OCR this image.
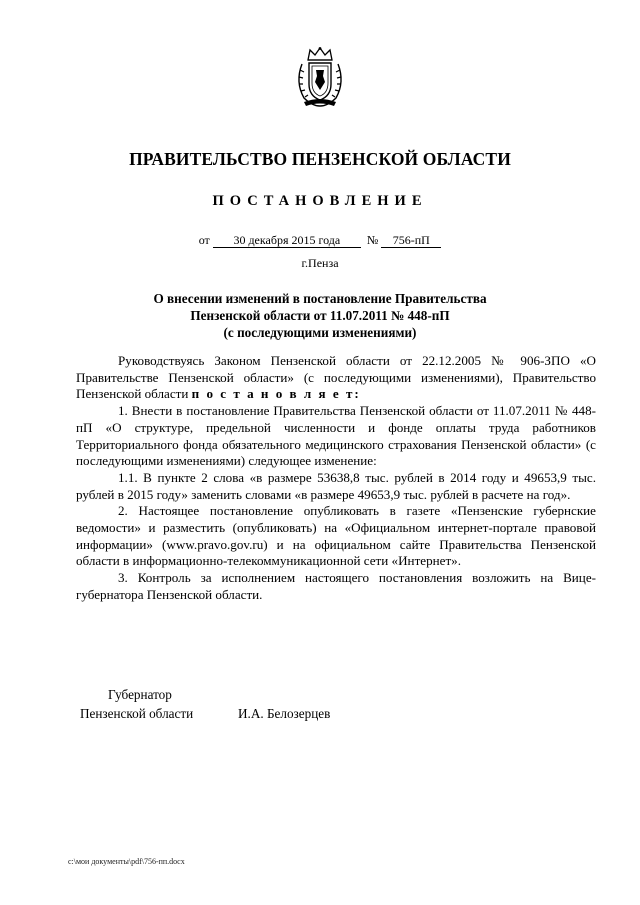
ПРАВИТЕЛЬСТВО ПЕНЗЕНСКОЙ ОБЛАСТИ
ПОСТАНОВЛЕНИЕ
от 30 декабря 2015 года № 756-пП
г.Пенза
О внесении изменений в постановление Правительства
Пензенской области от 11.07.2011 № 448-пП
(с последующими изменениями)

Руководствуясь Законом Пензенской области от 22.12.2005 № 906-ЗПО «О Правительстве Пензенской области» (с последующими изменениями), Правительство Пензенской области п о с т а н о в л я е т:

1. Внести в постановление Правительства Пензенской области от 11.07.2011 № 448-пП «О структуре, предельной численности и фонде оплаты труда работников Территориального фонда обязательного медицинского страхования Пензенской области» (с последующими изменениями) следующее изменение:

1.1. В пункте 2 слова «в размере 53638,8 тыс. рублей в 2014 году и 49653,9 тыс. рублей в 2015 году» заменить словами «в размере 49653,9 тыс. рублей в расчете на год».

2. Настоящее постановление опубликовать в газете «Пензенские губернские ведомости» и разместить (опубликовать) на «Официальном интернет-портале правовой информации» (www.pravo.gov.ru) и на официальном сайте Правительства Пензенской области в информационно-телекоммуникационной сети «Интернет».

3. Контроль за исполнением настоящего постановления возложить на Вице-губернатора Пензенской области.

Губернатор
Пензенской области	И.А. Белозерцев
c:\мои документы\pdf\756-пп.docx
